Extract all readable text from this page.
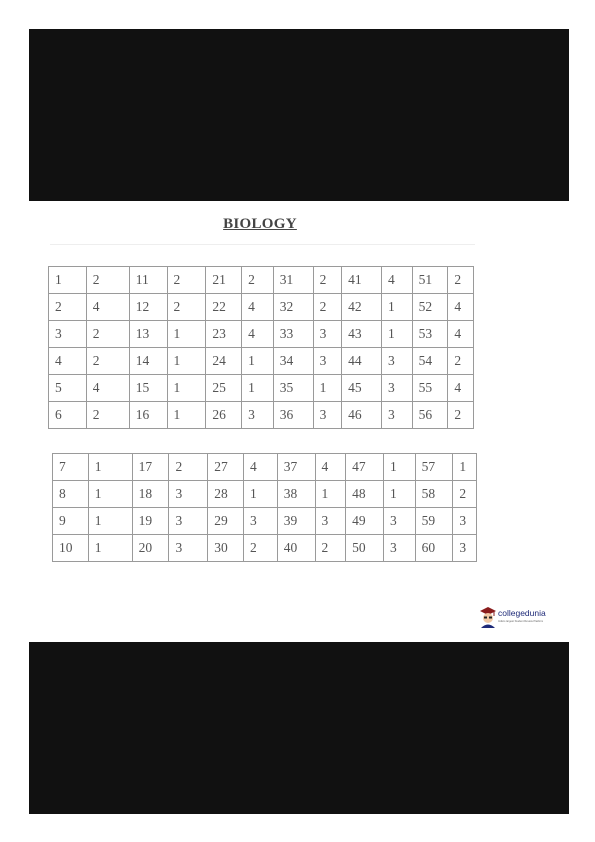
BIOLOGY
1	2	11	2	21	2	31	2	41	4	51	2
2	4	12	2	22	4	32	2	42	1	52	4
3	2	13	1	23	4	33	3	43	1	53	4
4	2	14	1	24	1	34	3	44	3	54	2
5	4	15	1	25	1	35	1	45	3	55	4
6	2	16	1	26	3	36	3	46	3	56	2
7	1	17	2	27	4	37	4	47	1	57	1
8	1	18	3	28	1	38	1	48	1	58	2
9	1	19	3	29	3	39	3	49	3	59	3
10	1	20	3	30	2	40	2	50	3	60	3
collegedunia
India's largest Student Review Platform
